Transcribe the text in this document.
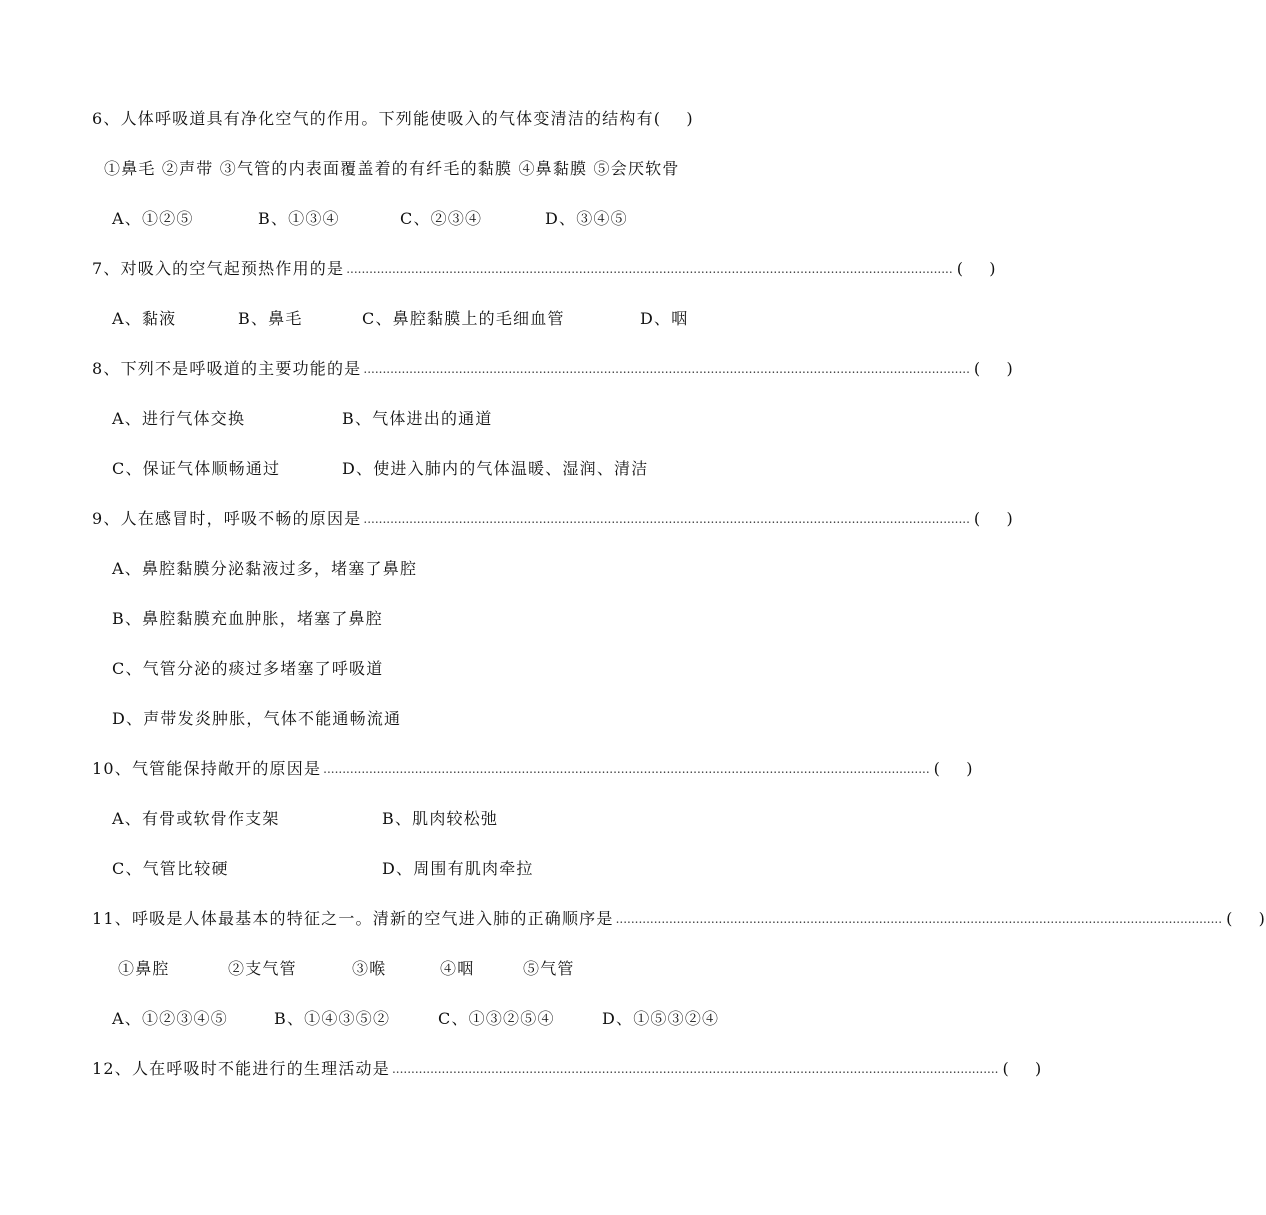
6、人体呼吸道具有净化空气的作用。下列能使吸入的气体变清洁的结构有(    )
①鼻毛 ②声带 ③气管的内表面覆盖着的有纤毛的黏膜 ④鼻黏膜 ⑤会厌软骨
A、①②⑤	B、①③④	C、②③④	D、③④⑤
7、对吸入的空气起预热作用的是 ............................................................................................................................................................... (    )
A、黏液	B、鼻毛	C、鼻腔黏膜上的毛细血管	D、咽
8、下列不是呼吸道的主要功能的是 ............................................................................................................................................................... (    )
A、进行气体交换	B、气体进出的通道
C、保证气体顺畅通过	D、使进入肺内的气体温暖、湿润、清洁
9、人在感冒时，呼吸不畅的原因是 ............................................................................................................................................................... (    )
A、鼻腔黏膜分泌黏液过多，堵塞了鼻腔
B、鼻腔黏膜充血肿胀，堵塞了鼻腔
C、气管分泌的痰过多堵塞了呼吸道
D、声带发炎肿胀，气体不能通畅流通
10、气管能保持敞开的原因是 ............................................................................................................................................................... (    )
A、有骨或软骨作支架	B、肌肉较松弛
C、气管比较硬	D、周围有肌肉牵拉
11、呼吸是人体最基本的特征之一。清新的空气进入肺的正确顺序是 ............................................................................................................................................................... (    )
①鼻腔	②支气管	③喉	④咽	⑤气管
A、①②③④⑤	B、①④③⑤②	C、①③②⑤④	D、①⑤③②④
12、人在呼吸时不能进行的生理活动是 ............................................................................................................................................................... (    )
